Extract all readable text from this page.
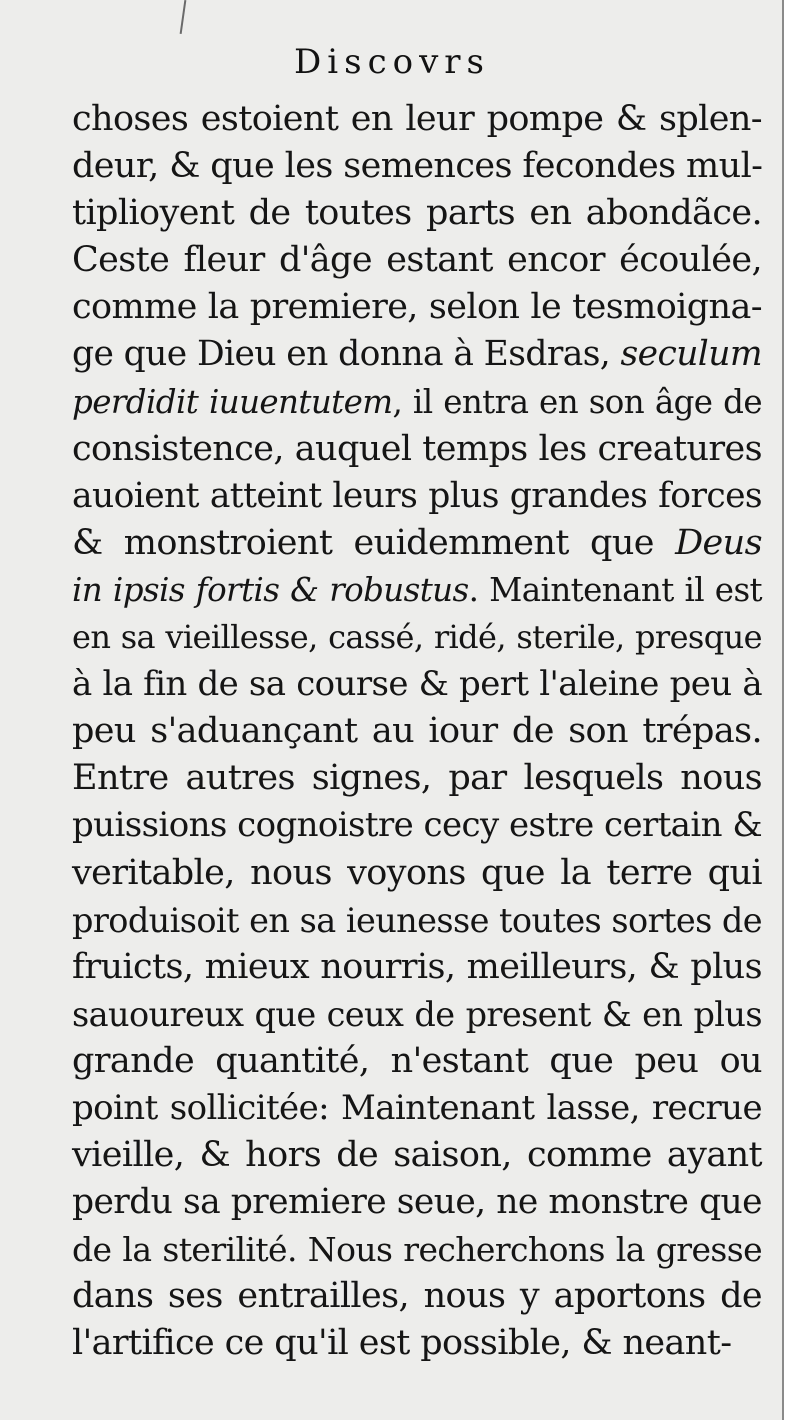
Discovrs
choses estoient en leur pompe & splen-
deur, & que les semences fecondes mul-
tiplioyent de toutes parts en abondãce.
Ceste fleur d'âge estant encor écoulée,
comme la premiere, selon le tesmoigna-
ge que Dieu en donna à Esdras, seculum
perdidit iuuentutem, il entra en son âge de
consistence, auquel temps les creatures
auoient atteint leurs plus grandes forces
& monstroient euidemment que Deus
in ipsis fortis & robustus. Maintenant il est
en sa vieillesse, cassé, ridé, sterile, presque
à la fin de sa course & pert l'aleine peu à
peu s'aduançant au iour de son trépas.
Entre autres signes, par lesquels nous
puissions cognoistre cecy estre certain &
veritable, nous voyons que la terre qui
produisoit en sa ieunesse toutes sortes de
fruicts, mieux nourris, meilleurs, & plus
sauoureux que ceux de present & en plus
grande quantité, n'estant que peu ou
point sollicitée: Maintenant lasse, recrue
vieille, & hors de saison, comme ayant
perdu sa premiere seue, ne monstre que
de la sterilité. Nous recherchons la gresse
dans ses entrailles, nous y aportons de
l'artifice ce qu'il est possible, & neant-
